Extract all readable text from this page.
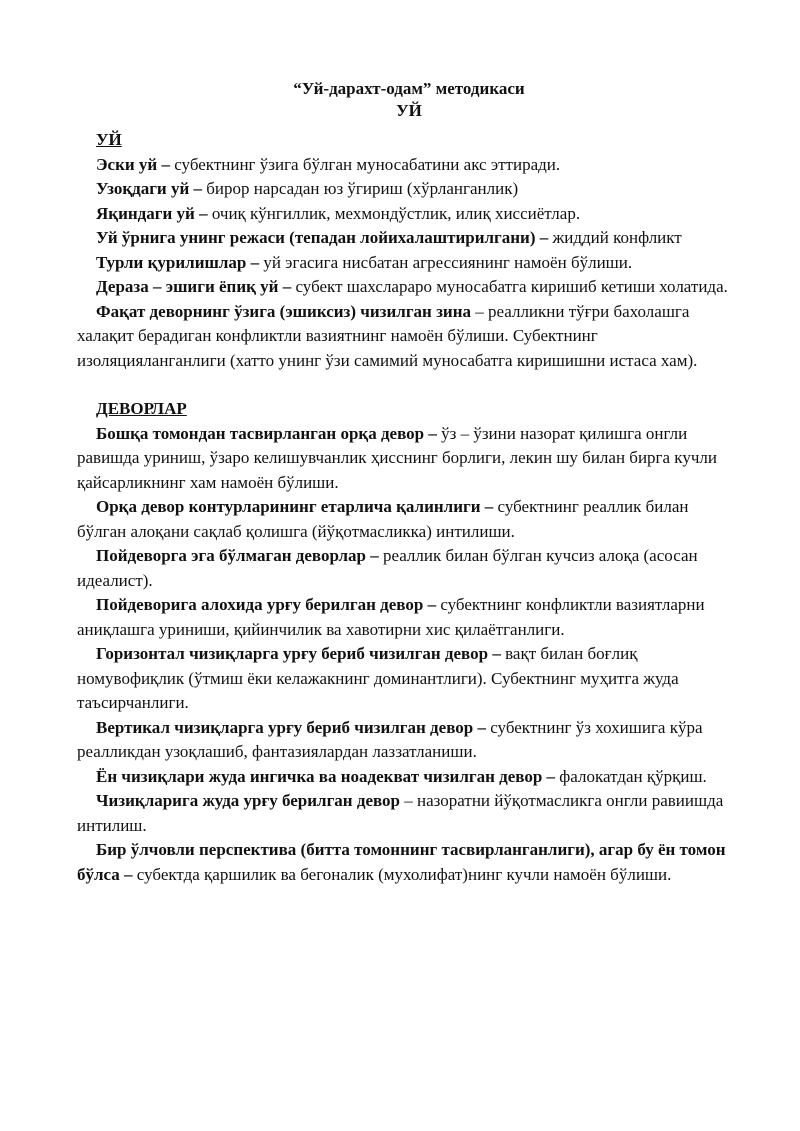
“Уй-дарахт-одам” методикаси

УЙ

УЙ

Эски уй – субектнинг ўзига бўлган муносабатини акс эттиради.

Узоқдаги уй – бирор нарсадан юз ўгириш (хўрланганлик)

Яқиндаги уй – очиқ кўнгиллик, мехмондўстлик, илиқ хиссиётлар.

Уй ўрнига унинг режаси (тепадан лойихалаштирилгани) – жиддий конфликт

Турли қурилишлар – уй эгасига нисбатан агрессиянинг намоён бўлиши.

Деразa – эшиги ёпиқ уй – субект шахсларaро муносабатга киришиб кетиши холатида.

Фақат деворнинг ўзига (эшиксиз) чизилган зина – реалликни тўғри бахолашга халақит берадиган конфликтли вазиятнинг намоён бўлиши. Субектнинг изоляцияланганлиги (хатто унинг ўзи самимий муносабатга киришишни истаса хам).

ДЕВОРЛАР

Бошқа томондан тасвирланган орқа девор – ўз – ўзини назорат қилишга онгли равишда уриниш, ўзаро келишувчанлик ҳисснинг борлиги, лекин шу билан бирга кучли қайсарликнинг хам намоён бўлиши.

Орқа девор контурларининг етарлича қалинлиги – субектнинг реаллик билан бўлган алоқани сақлаб қолишга (йўқотмасликка) интилиши.

Пойдеворга эга бўлмаган деворлар – реаллик билан бўлган кучсиз алоқа (асосан идеалист).

Пойдеворига алохида урғу берилган девор – субектнинг конфликтли вазиятларни аниқлашга уриниши, қийинчилик ва хавотирни хис қилаётганлиги.

Горизонтал чизиқларга урғу бериб чизилган девор – вақт билан боғлиқ номувофиқлик (ўтмиш ёки келажакнинг доминантлиги). Субектнинг муҳитга жуда таъсирчанлиги.

Вертикал чизиқларга урғу бериб чизилган девор – субектнинг ўз хохишига кўра реалликдан узоқлашиб, фантазиялардан лаззатланиши.

Ён чизиқлари жуда ингичка ва ноадекват чизилган девор – фалокатдан қўрқиш.

Чизиқларига жуда урғу берилган девор – назоратни йўқотмасликга онгли равиишда интилиш.

Бир ўлчовли перспектива (битта томоннинг тасвирланганлиги), агар бу ён томон бўлса – субектда қаршилик ва бегоналик (мухолифат)нинг кучли намоён бўлиши.
